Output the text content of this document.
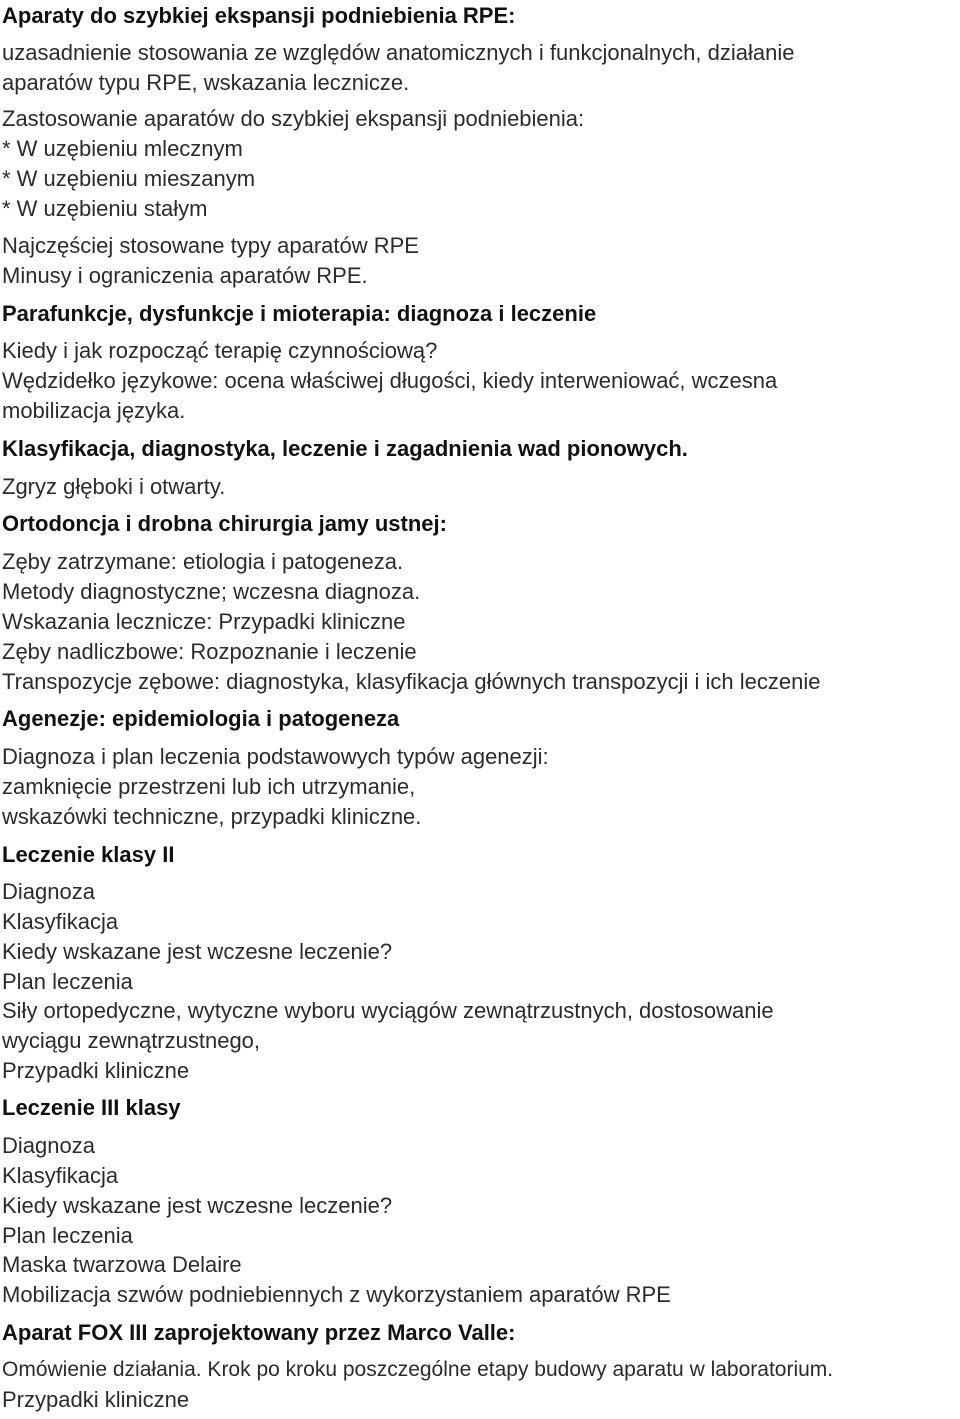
Aparaty do szybkiej ekspansji podniebienia RPE:
uzasadnienie stosowania ze względów anatomicznych i funkcjonalnych, działanie
aparatów typu RPE, wskazania lecznicze.
Zastosowanie aparatów do szybkiej ekspansji podniebienia:
* W uzębieniu mlecznym
* W uzębieniu mieszanym
* W uzębieniu stałym
Najczęściej stosowane typy aparatów RPE
Minusy i ograniczenia aparatów RPE.
Parafunkcje, dysfunkcje i mioterapia: diagnoza i leczenie
Kiedy i jak rozpocząć terapię czynnościową?
Wędzidełko językowe: ocena właściwej długości, kiedy interweniować, wczesna
mobilizacja języka.
Klasyfikacja, diagnostyka, leczenie i zagadnienia wad pionowych.
Zgryz głęboki i otwarty.
Ortodoncja i drobna chirurgia jamy ustnej:
Zęby zatrzymane: etiologia i patogeneza.
Metody diagnostyczne; wczesna diagnoza.
Wskazania lecznicze: Przypadki kliniczne
Zęby nadliczbowe: Rozpoznanie i leczenie
Transpozycje zębowe: diagnostyka, klasyfikacja głównych transpozycji i ich leczenie
Agenezje: epidemiologia i patogeneza
Diagnoza i plan leczenia podstawowych typów agenezji:
zamknięcie przestrzeni lub ich utrzymanie,
wskazówki techniczne, przypadki kliniczne.
Leczenie klasy II
Diagnoza
Klasyfikacja
Kiedy wskazane jest wczesne leczenie?
Plan leczenia
Siły ortopedyczne, wytyczne wyboru wyciągów zewnątrzustnych, dostosowanie
wyciągu zewnątrzustnego,
Przypadki kliniczne
Leczenie III klasy
Diagnoza
Klasyfikacja
Kiedy wskazane jest wczesne leczenie?
Plan leczenia
Maska twarzowa Delaire
Mobilizacja szwów podniebiennych z wykorzystaniem aparatów RPE
Aparat FOX III zaprojektowany przez Marco Valle:
Omówienie działania. Krok po kroku poszczególne etapy budowy aparatu w laboratorium.
Przypadki kliniczne
